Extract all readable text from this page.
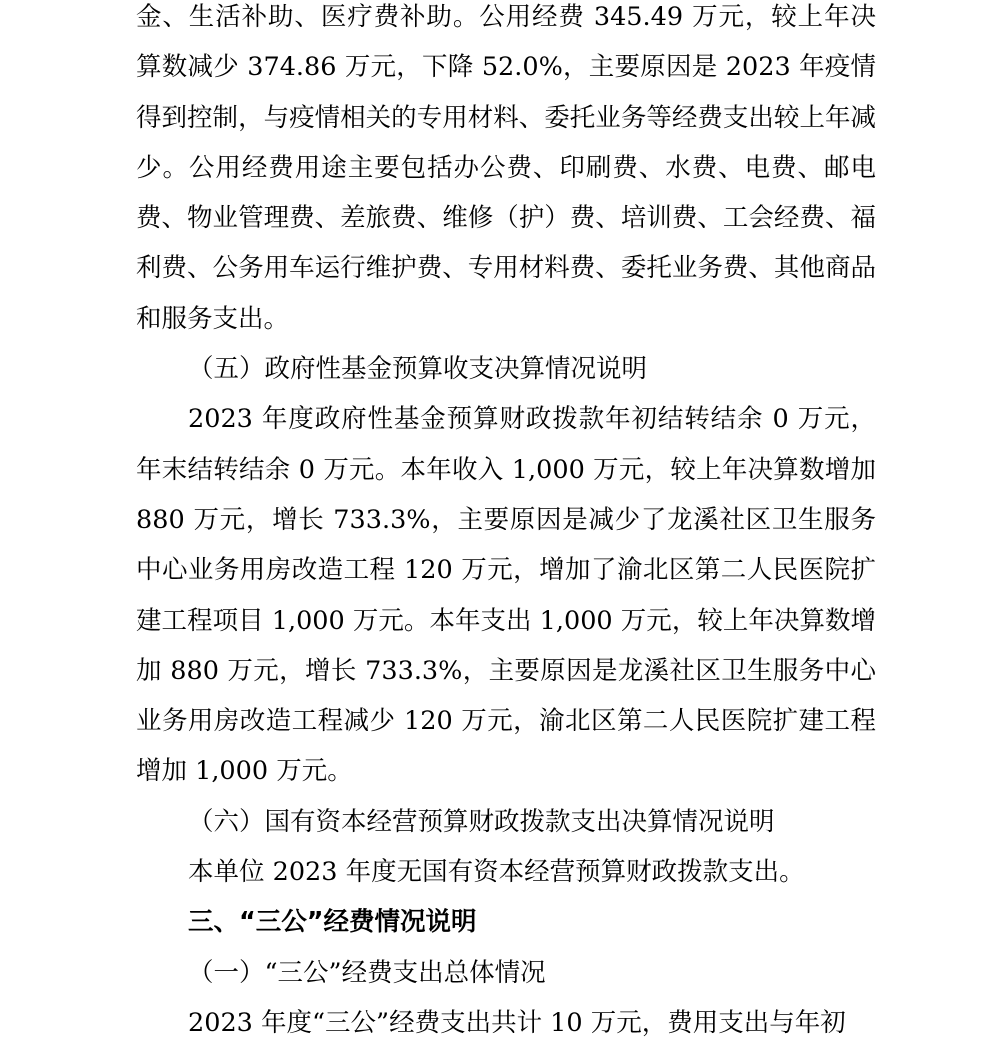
金、生活补助、医疗费补助。公用经费 345.49 万元，较上年决算数减少 374.86 万元，下降 52.0%，主要原因是 2023 年疫情得到控制，与疫情相关的专用材料、委托业务等经费支出较上年减少。公用经费用途主要包括办公费、印刷费、水费、电费、邮电费、物业管理费、差旅费、维修（护）费、培训费、工会经费、福利费、公务用车运行维护费、专用材料费、委托业务费、其他商品和服务支出。

（五）政府性基金预算收支决算情况说明

2023 年度政府性基金预算财政拨款年初结转结余 0 万元，年末结转结余 0 万元。本年收入 1,000 万元，较上年决算数增加 880 万元，增长 733.3%，主要原因是减少了龙溪社区卫生服务中心业务用房改造工程 120 万元，增加了渝北区第二人民医院扩建工程项目 1,000 万元。本年支出 1,000 万元，较上年决算数增加 880 万元，增长 733.3%，主要原因是龙溪社区卫生服务中心业务用房改造工程减少 120 万元，渝北区第二人民医院扩建工程增加 1,000 万元。

（六）国有资本经营预算财政拨款支出决算情况说明

本单位 2023 年度无国有资本经营预算财政拨款支出。

三、“三公”经费情况说明

（一）“三公”经费支出总体情况

2023 年度“三公”经费支出共计 10 万元，费用支出与年初
